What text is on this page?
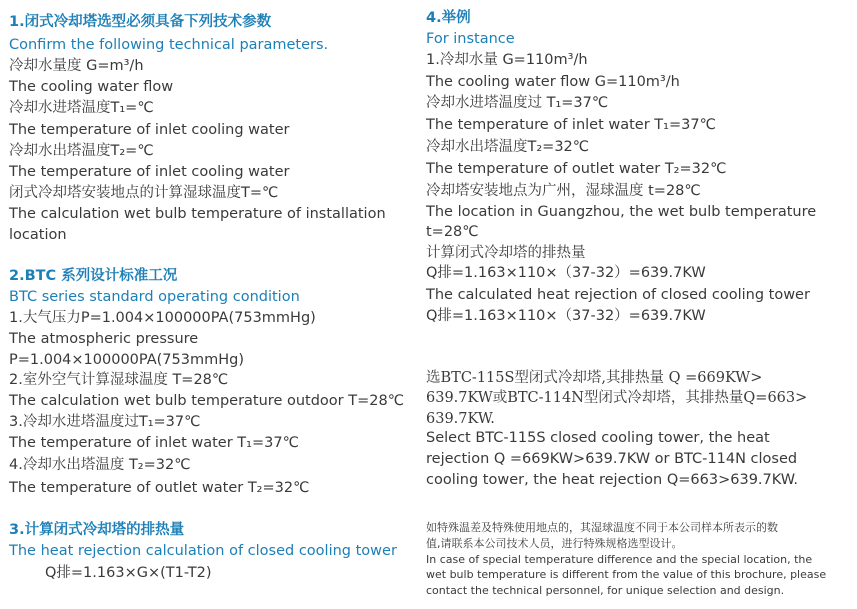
1.闭式冷却塔选型必须具备下列技术参数
Confirm the following technical parameters.
冷却水量度 G=m³/h
The cooling water flow
冷却水进塔温度T₁=℃
The temperature of inlet cooling water
冷却水出塔温度T₂=℃
The temperature of inlet cooling water
闭式冷却塔安装地点的计算湿球温度T=℃
The calculation wet bulb temperature of installation
location
2.BTC 系列设计标准工况
BTC series standard operating condition
1.大气压力P=1.004×100000PA(753mmHg)
The atmospheric pressure
P=1.004×100000PA(753mmHg)
2.室外空气计算湿球温度 T=28℃
The calculation wet bulb temperature outdoor T=28℃
3.冷却水进塔温度过T₁=37℃
The temperature of inlet water T₁=37℃
4.冷却水出塔温度 T₂=32℃
The temperature of outlet water T₂=32℃
3.计算闭式冷却塔的排热量
The heat rejection calculation of closed cooling tower
Q排=1.163×G×(T1-T2)
4.举例
For instance
1.冷却水量 G=110m³/h
The cooling water flow G=110m³/h
冷却水进塔温度过 T₁=37℃
The temperature of inlet water T₁=37℃
冷却水出塔温度T₂=32℃
The temperature of outlet water T₂=32℃
冷却塔安装地点为广州，湿球温度 t=28℃
The location in Guangzhou, the wet bulb temperature
t=28℃
计算闭式冷却塔的排热量
Q排=1.163×110×（37-32）=639.7KW
The calculated heat rejection of closed cooling tower
Q排=1.163×110×（37-32）=639.7KW
选BTC-115S型闭式冷却塔,其排热量 Q =669KW>
639.7KW或BTC-114N型闭式冷却塔，其排热量Q=663>
639.7KW.
Select BTC-115S closed cooling tower, the heat
rejection Q =669KW>639.7KW or BTC-114N closed
cooling tower, the heat rejection Q=663>639.7KW.
如特殊温差及特殊使用地点的，其湿球温度不同于本公司样本所表示的数
值,请联系本公司技术人员，进行特殊规格选型设计。
In case of special temperature difference and the special location, the
wet bulb temperature is different from the value of this brochure, please
contact the technical personnel, for unique selection and design.
